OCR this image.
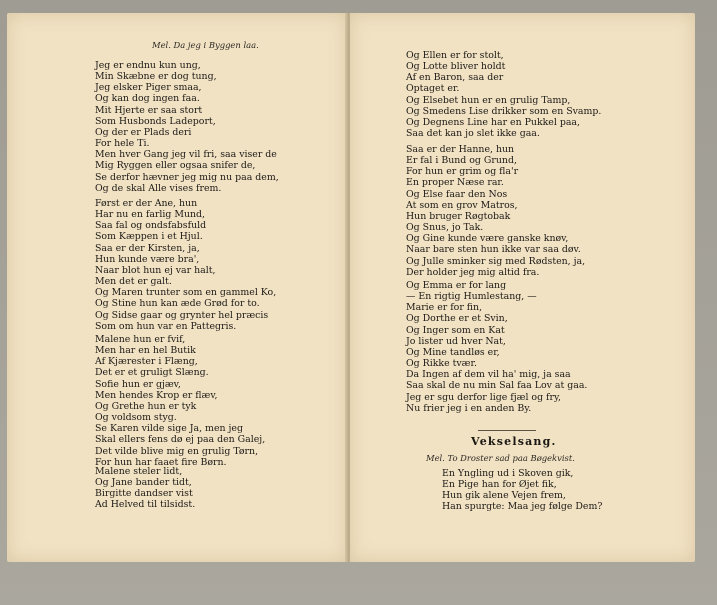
Mel. Da jeg i Byggen laa.
Jeg er endnu kun ung,
Min Skæbne er dog tung,
Jeg elsker Piger smaa,
Og kan dog ingen faa.
Mit Hjerte er saa stort
Som Husbonds Ladeport,
Og der er Plads deri
For hele Ti.
Men hver Gang jeg vil fri, saa viser de
Mig Ryggen eller ogsaa snifer de,
Se derfor hævner jeg mig nu paa dem,
Og de skal Alle vises frem.
Først er der Ane, hun
Har nu en farlig Mund,
Saa fal og ondsfabsfuld
Som Kæppen i et Hjul.
Saa er der Kirsten, ja,
Hun kunde være bra',
Naar blot hun ej var halt,
Men det er galt.
Og Maren trunter som en gammel Ko,
Og Stine hun kan æde Grød for to.
Og Sidse gaar og grynter hel præcis
Som om hun var en Pattegris.
Malene hun er fvif,
Men har en hel Butik
Af Kjærester i Flæng,
Det er et gruligt Slæng.
Sofie hun er gjæv,
Men hendes Krop er flæv,
Og Grethe hun er tyk
Og voldsom styg.
Se Karen vilde sige Ja, men jeg
Skal ellers fens dø ej paa den Galej,
Det vilde blive mig en grulig Tørn,
For hun har faaet fire Børn.
Malene steler lidt,
Og Jane bander tidt,
Birgitte dandser vist
Ad Helved til tilsidst.
Og Ellen er for stolt,
Og Lotte bliver holdt
Af en Baron, saa der
Optaget er.
Og Elsebet hun er en grulig Tamp,
Og Smedens Lise drikker som en Svamp.
Og Degnens Line har en Pukkel paa,
Saa det kan jo slet ikke gaa.
Saa er der Hanne, hun
Er fal i Bund og Grund,
For hun er grim og fla'r
En proper Næse rar.
Og Else faar den Nos
At som en grov Matros,
Hun bruger Røgtobak
Og Snus, jo Tak.
Og Gine kunde være ganske knøv,
Naar bare sten hun ikke var saa døv.
Og Julle sminker sig med Rødsten, ja,
Der holder jeg mig altid fra.
Og Emma er for lang
— En rigtig Humlestang, —
Marie er for fin,
Og Dorthe er et Svin,
Og Inger som en Kat
Jo lister ud hver Nat,
Og Mine tandløs er,
Og Rikke tvær.
Da Ingen af dem vil ha' mig, ja saa
Saa skal de nu min Sal faa Lov at gaa.
Jeg er sgu derfor lige fjæl og fry,
Nu frier jeg i en anden By.
Vekselsang.
Mel. To Droster sad paa Bøgekvist.
En Yngling ud i Skoven gik,
En Pige han for Øjet fik,
Hun gik alene Vejen frem,
Han spurgte: Maa jeg følge Dem?
